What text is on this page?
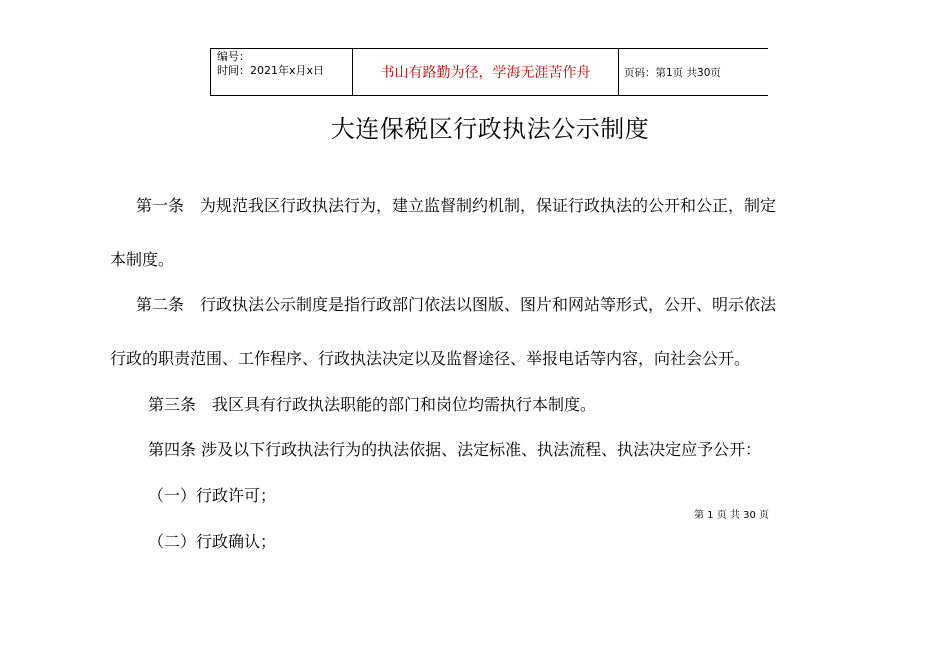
编号：
时间：2021年x月x日	书山有路勤为径，学海无涯苦作舟	页码：第1页 共30页
大连保税区行政执法公示制度
第一条　为规范我区行政执法行为，建立监督制约机制，保证行政执法的公开和公正，制定
本制度。
第二条　行政执法公示制度是指行政部门依法以图版、图片和网站等形式，公开、明示依法
行政的职责范围、工作程序、行政执法决定以及监督途径、举报电话等内容，向社会公开。
第三条　我区具有行政执法职能的部门和岗位均需执行本制度。
第四条 涉及以下行政执法行为的执法依据、法定标准、执法流程、执法决定应予公开：
（一）行政许可；
（二）行政确认；
第 1 页 共 30 页
